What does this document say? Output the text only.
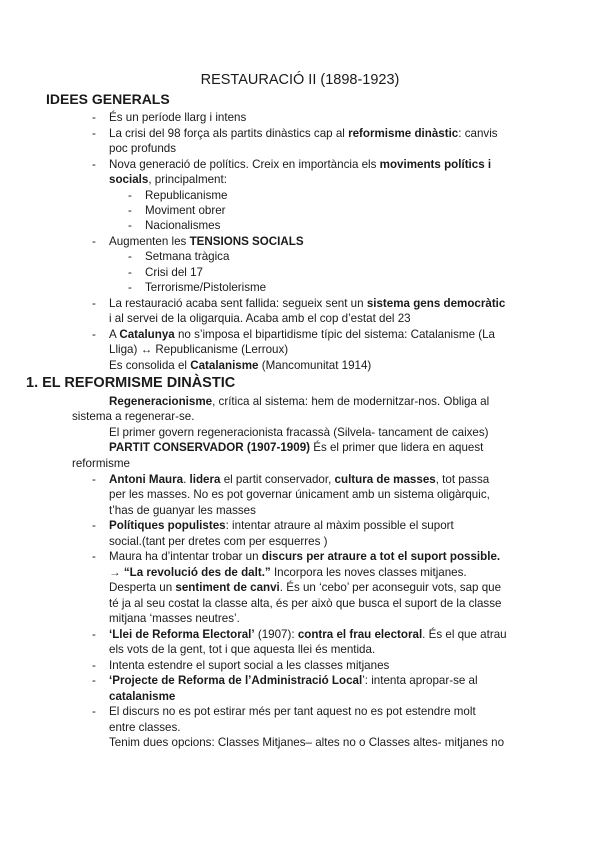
RESTAURACIÓ II (1898-1923)
IDEES GENERALS
- És un període llarg i intens
- La crisi del 98 força als partits dinàstics cap al reformisme dinàstic: canvis
poc profunds
- Nova generació de polítics. Creix en importància els moviments polítics i
socials, principalment:
- Republicanisme
- Moviment obrer
- Nacionalismes
- Augmenten les TENSIONS SOCIALS
- Setmana tràgica
- Crisi del 17
- Terrorisme/Pistolerisme
- La restauració acaba sent fallida: segueix sent un sistema gens democràtic
i al servei de la oligarquia. Acaba amb el cop d’estat del 23
- A Catalunya no s’imposa el bipartidisme típic del sistema: Catalanisme (La
Lliga) ↔ Republicanisme (Lerroux)
Es consolida el Catalanisme (Mancomunitat 1914)
1. EL REFORMISME DINÀSTIC
Regeneracionisme, crítica al sistema: hem de modernitzar-nos. Obliga al
sistema a regenerar-se.
El primer govern regeneracionista fracassà (Silvela- tancament de caixes)
PARTIT CONSERVADOR (1907-1909) És el primer que lidera en aquest
reformisme
- Antoni Maura. lidera el partit conservador, cultura de masses, tot passa
per les masses. No es pot governar únicament amb un sistema oligàrquic,
t’has de guanyar les masses
- Polítiques populistes: intentar atraure al màxim possible el suport
social.(tant per dretes com per esquerres )
- Maura ha d’intentar trobar un discurs per atraure a tot el suport possible.
→ “La revolució des de dalt.” Incorpora les noves classes mitjanes.
Desperta un sentiment de canvi. És un ‘cebo’ per aconseguir vots, sap que
té ja al seu costat la classe alta, és per això que busca el suport de la classe
mitjana ‘masses neutres’.
- ‘Llei de Reforma Electoral’ (1907): contra el frau electoral. És el que atrau
els vots de la gent, tot i que aquesta llei és mentida.
- Intenta estendre el suport social a les classes mitjanes
- ‘Projecte de Reforma de l’Administració Local’: intenta apropar-se al
catalanisme
- El discurs no es pot estirar més per tant aquest no es pot estendre molt
entre classes.
Tenim dues opcions: Classes Mitjanes– altes no o Classes altes- mitjanes no
